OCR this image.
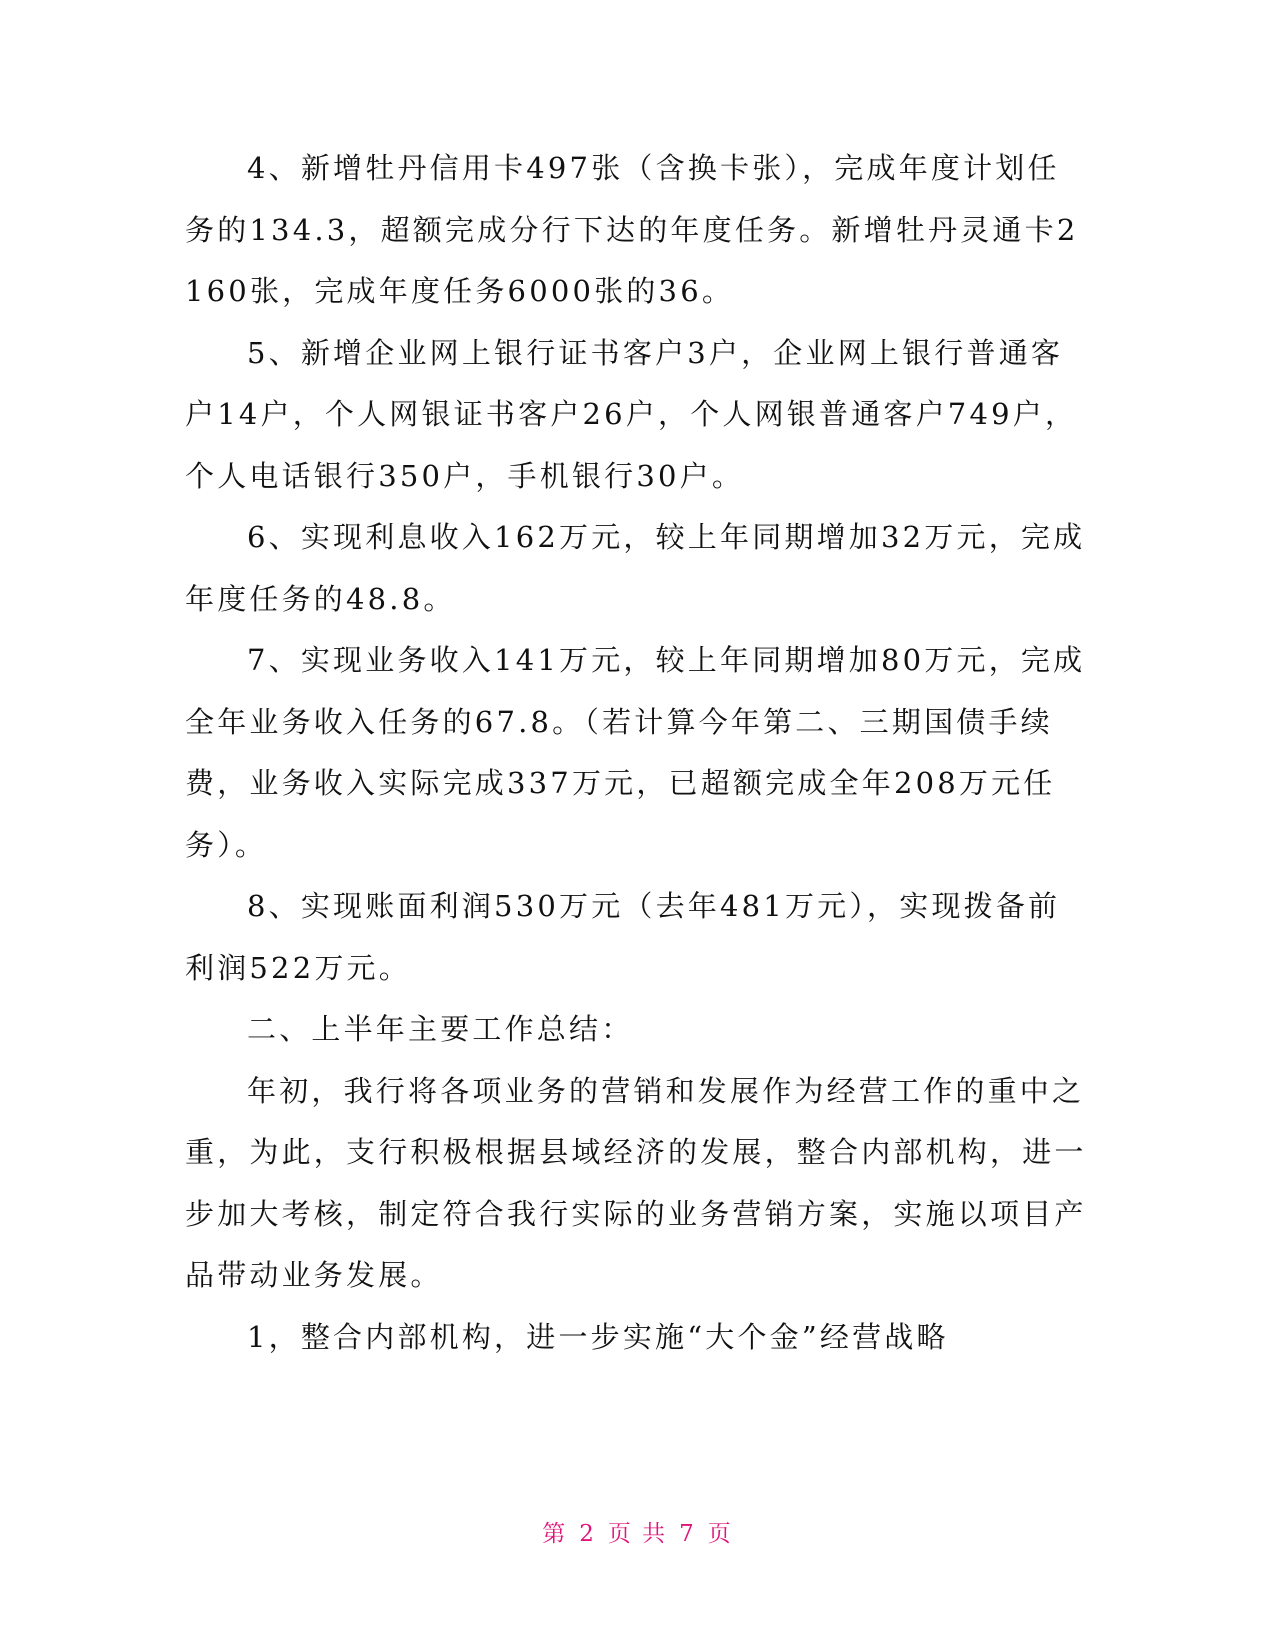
4、新增牡丹信用卡497张（含换卡张），完成年度计划任务的134.3，超额完成分行下达的年度任务。新增牡丹灵通卡2160张，完成年度任务6000张的36。

5、新增企业网上银行证书客户3户，企业网上银行普通客户14户，个人网银证书客户26户，个人网银普通客户749户，个人电话银行350户，手机银行30户。

6、实现利息收入162万元，较上年同期增加32万元，完成年度任务的48.8。

7、实现业务收入141万元，较上年同期增加80万元，完成全年业务收入任务的67.8。（若计算今年第二、三期国债手续费，业务收入实际完成337万元，已超额完成全年208万元任务）。

8、实现账面利润530万元（去年481万元），实现拨备前利润522万元。

二、上半年主要工作总结：

年初，我行将各项业务的营销和发展作为经营工作的重中之重，为此，支行积极根据县域经济的发展，整合内部机构，进一步加大考核，制定符合我行实际的业务营销方案，实施以项目产品带动业务发展。

1，整合内部机构，进一步实施“大个金”经营战略

第 2 页 共 7 页
